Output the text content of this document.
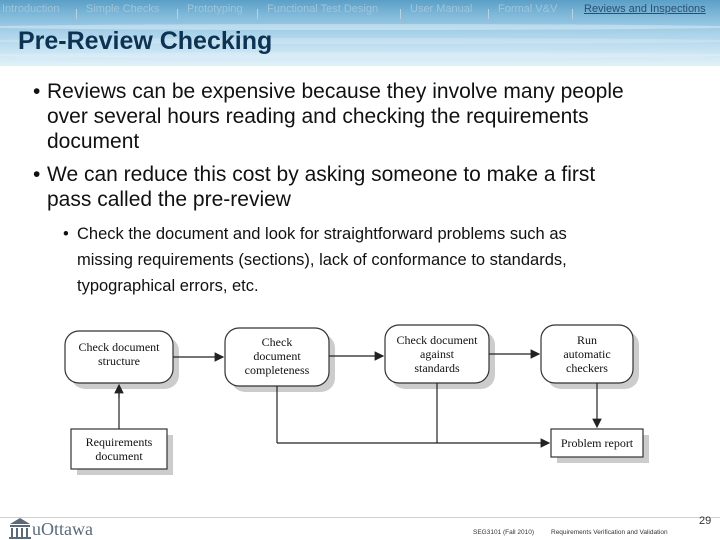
Introduction Simple Checks	Prototyping Functional Test Design	User Manual Formal V&V Reviews and Inspections
Pre-Review Checking
• Reviews can be expensive because they involve many people
over several hours reading and checking the requirements
document
• We can reduce this cost by asking someone to make a first
pass called the pre-review
• Check the document and look for straightforward problems such as
missing requirements (sections), lack of conformance to standards,
typographical errors, etc.
Check document
structure
Check
document
completeness
Check document
against
standards
Run
automatic
checkers
Requirements
document
Problem report
uOttawa	SEG3101 (Fall 2010)	Requirements Verification and Validation
29
